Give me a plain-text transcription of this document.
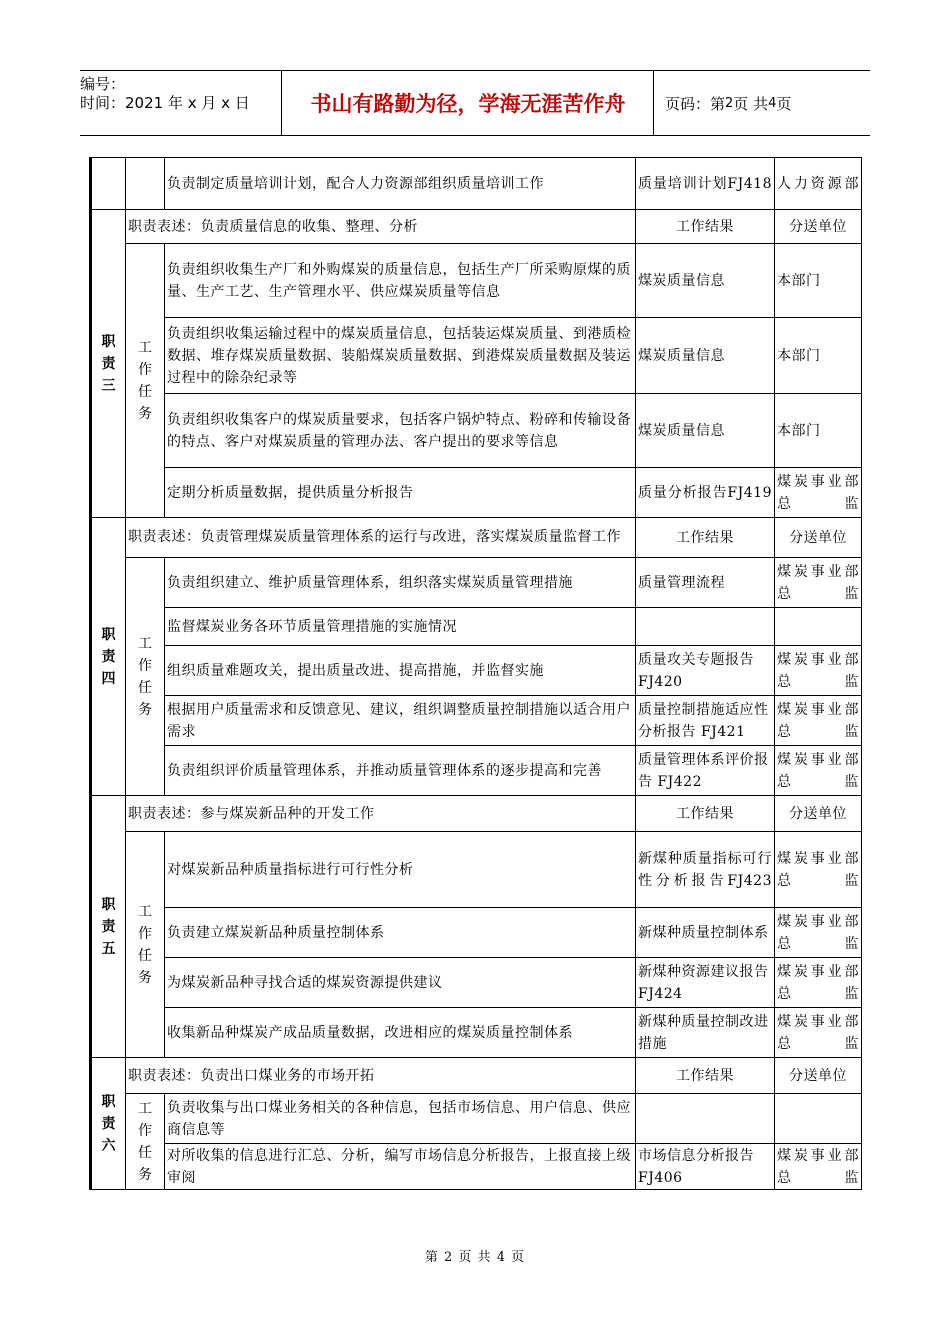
编号：
时间：2021 年 x 月 x 日	书山有路勤为径，学海无涯苦作舟	页码：第 2 页 共 4 页
		负责制定质量培训计划，配合人力资源部组织质量培训工作	质量培训计划FJ418	人力资源部
职责三	职责表述：负责质量信息的收集、整理、分析		工作结果	分送单位
	工作任务	负责组织收集生产厂和外购煤炭的质量信息，包括生产厂所采购原煤的质量、生产工艺、生产管理水平、供应煤炭质量等信息	煤炭质量信息	本部门
		负责组织收集运输过程中的煤炭质量信息，包括装运煤炭质量、到港质检数据、堆存煤炭质量数据、装船煤炭质量数据、到港煤炭质量数据及装运过程中的除杂纪录等	煤炭质量信息	本部门
		负责组织收集客户的煤炭质量要求，包括客户锅炉特点、粉碎和传输设备的特点、客户对煤炭质量的管理办法、客户提出的要求等信息	煤炭质量信息	本部门
		定期分析质量数据，提供质量分析报告	质量分析报告FJ419	煤炭事业部总监
职责四	职责表述：负责管理煤炭质量管理体系的运行与改进，落实煤炭质量监督工作		工作结果	分送单位
	工作任务	负责组织建立、维护质量管理体系，组织落实煤炭质量管理措施	质量管理流程	煤炭事业部总监
		监督煤炭业务各环节质量管理措施的实施情况		
		组织质量难题攻关，提出质量改进、提高措施，并监督实施	质量攻关专题报告FJ420	煤炭事业部总监
		根据用户质量需求和反馈意见、建议，组织调整质量控制措施以适合用户需求	质量控制措施适应性分析报告 FJ421	煤炭事业部总监
		负责组织评价质量管理体系，并推动质量管理体系的逐步提高和完善	质量管理体系评价报告 FJ422	煤炭事业部总监
职责五	职责表述：参与煤炭新品种的开发工作		工作结果	分送单位
	工作任务	对煤炭新品种质量指标进行可行性分析	新煤种质量指标可行性分析报告FJ423	煤炭事业部总监
		负责建立煤炭新品种质量控制体系	新煤种质量控制体系	煤炭事业部总监
		为煤炭新品种寻找合适的煤炭资源提供建议	新煤种资源建议报告 FJ424	煤炭事业部总监
		收集新品种煤炭产成品质量数据，改进相应的煤炭质量控制体系	新煤种质量控制改进措施	煤炭事业部总监
职责六	职责表述：负责出口煤业务的市场开拓		工作结果	分送单位
	工作任务	负责收集与出口煤业务相关的各种信息，包括市场信息、用户信息、供应商信息等		
		对所收集的信息进行汇总、分析，编写市场信息分析报告，上报直接上级审阅	市场信息分析报告FJ406	煤炭事业部总监
第 2 页 共 4 页
